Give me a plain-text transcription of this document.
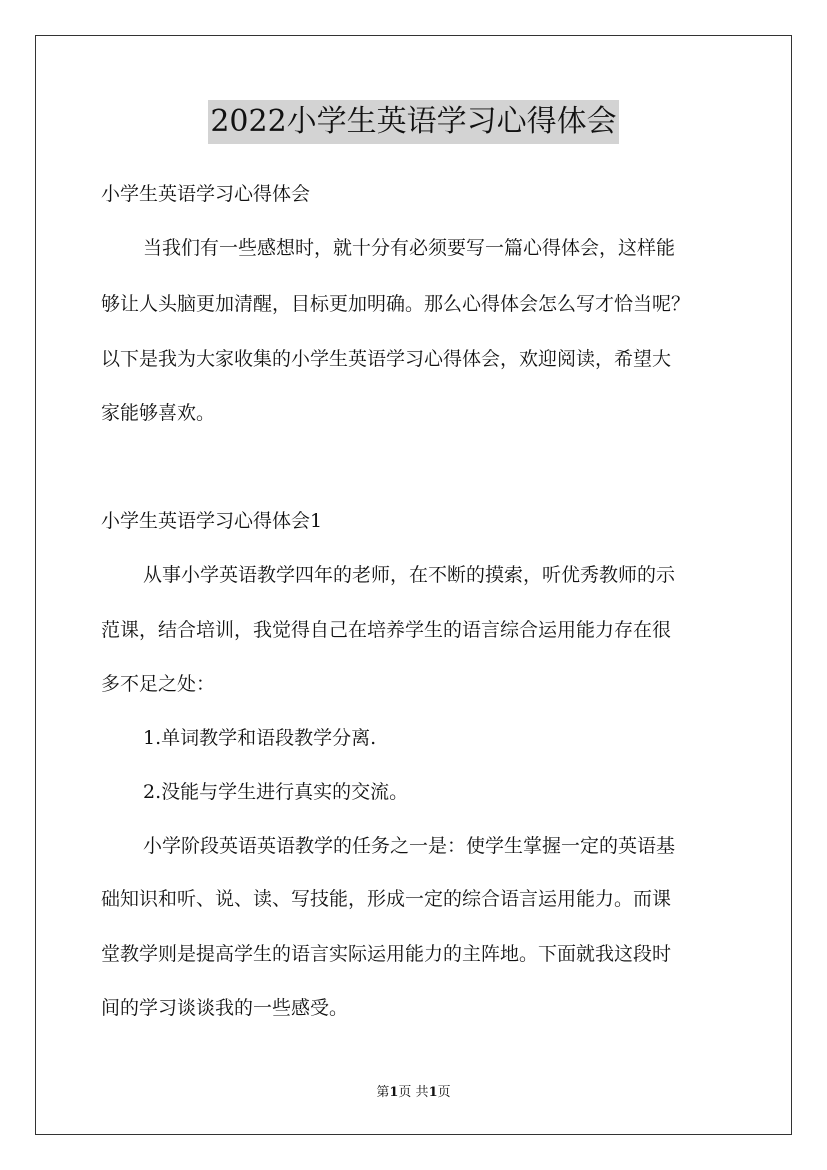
2022小学生英语学习心得体会
小学生英语学习心得体会
当我们有一些感想时，就十分有必须要写一篇心得体会，这样能
够让人头脑更加清醒，目标更加明确。那么心得体会怎么写才恰当呢？
以下是我为大家收集的小学生英语学习心得体会，欢迎阅读，希望大
家能够喜欢。
小学生英语学习心得体会1
从事小学英语教学四年的老师，在不断的摸索，听优秀教师的示
范课，结合培训，我觉得自己在培养学生的语言综合运用能力存在很
多不足之处：
1.单词教学和语段教学分离.
2.没能与学生进行真实的交流。
小学阶段英语英语教学的任务之一是：使学生掌握一定的英语基
础知识和听、说、读、写技能，形成一定的综合语言运用能力。而课
堂教学则是提高学生的语言实际运用能力的主阵地。下面就我这段时
间的学习谈谈我的一些感受。
第1页 共1页
